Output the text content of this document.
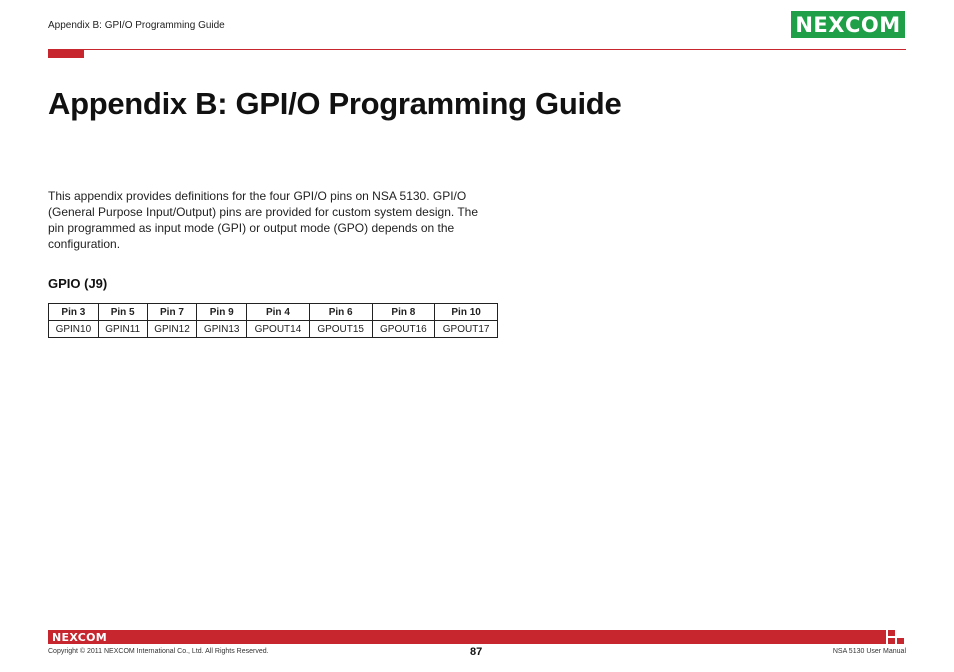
Appendix B: GPI/O Programming Guide	NE X COM
Appendix B: GPI/O Programming Guide

This appendix provides definitions for the four GPI/O pins on NSA 5130. GPI/O (General Purpose Input/Output) pins are provided for custom system design. The pin programmed as input mode (GPI) or output mode (GPO) depends on the configuration.

GPIO (J9)
Pin 3	Pin 5	Pin 7	Pin 9	Pin 4	Pin 6	Pin 8	Pin 10
GPIN10	GPIN11	GPIN12	GPIN13	GPOUT14	GPOUT15	GPOUT16	GPOUT17
NEXCOM
Copyright © 2011 NEXCOM International Co., Ltd. All Rights Reserved.	87	NSA 5130 User Manual
